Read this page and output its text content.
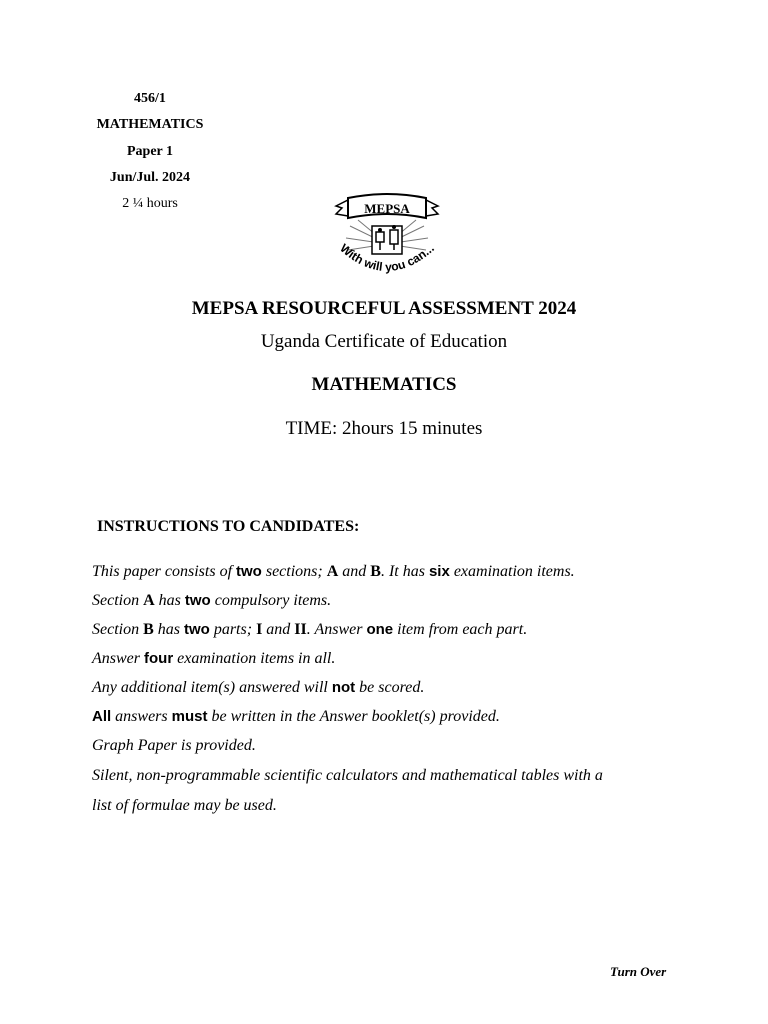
456/1
MATHEMATICS
Paper 1
Jun/Jul. 2024
2 ¼ hours	MEPSA
With will you can...
MEPSA RESOURCEFUL ASSESSMENT 2024
Uganda Certificate of Education
MATHEMATICS
TIME: 2hours 15 minutes
INSTRUCTIONS TO CANDIDATES:
This paper consists of two sections; A and B. It has six examination items.
Section A has two compulsory items.
Section B has two parts; I and II. Answer one item from each part.
Answer four examination items in all.
Any additional item(s) answered will not be scored.
All answers must be written in the Answer booklet(s) provided.
Graph Paper is provided.
Silent, non-programmable scientific calculators and mathematical tables with a
list of formulae may be used.
Turn Over
